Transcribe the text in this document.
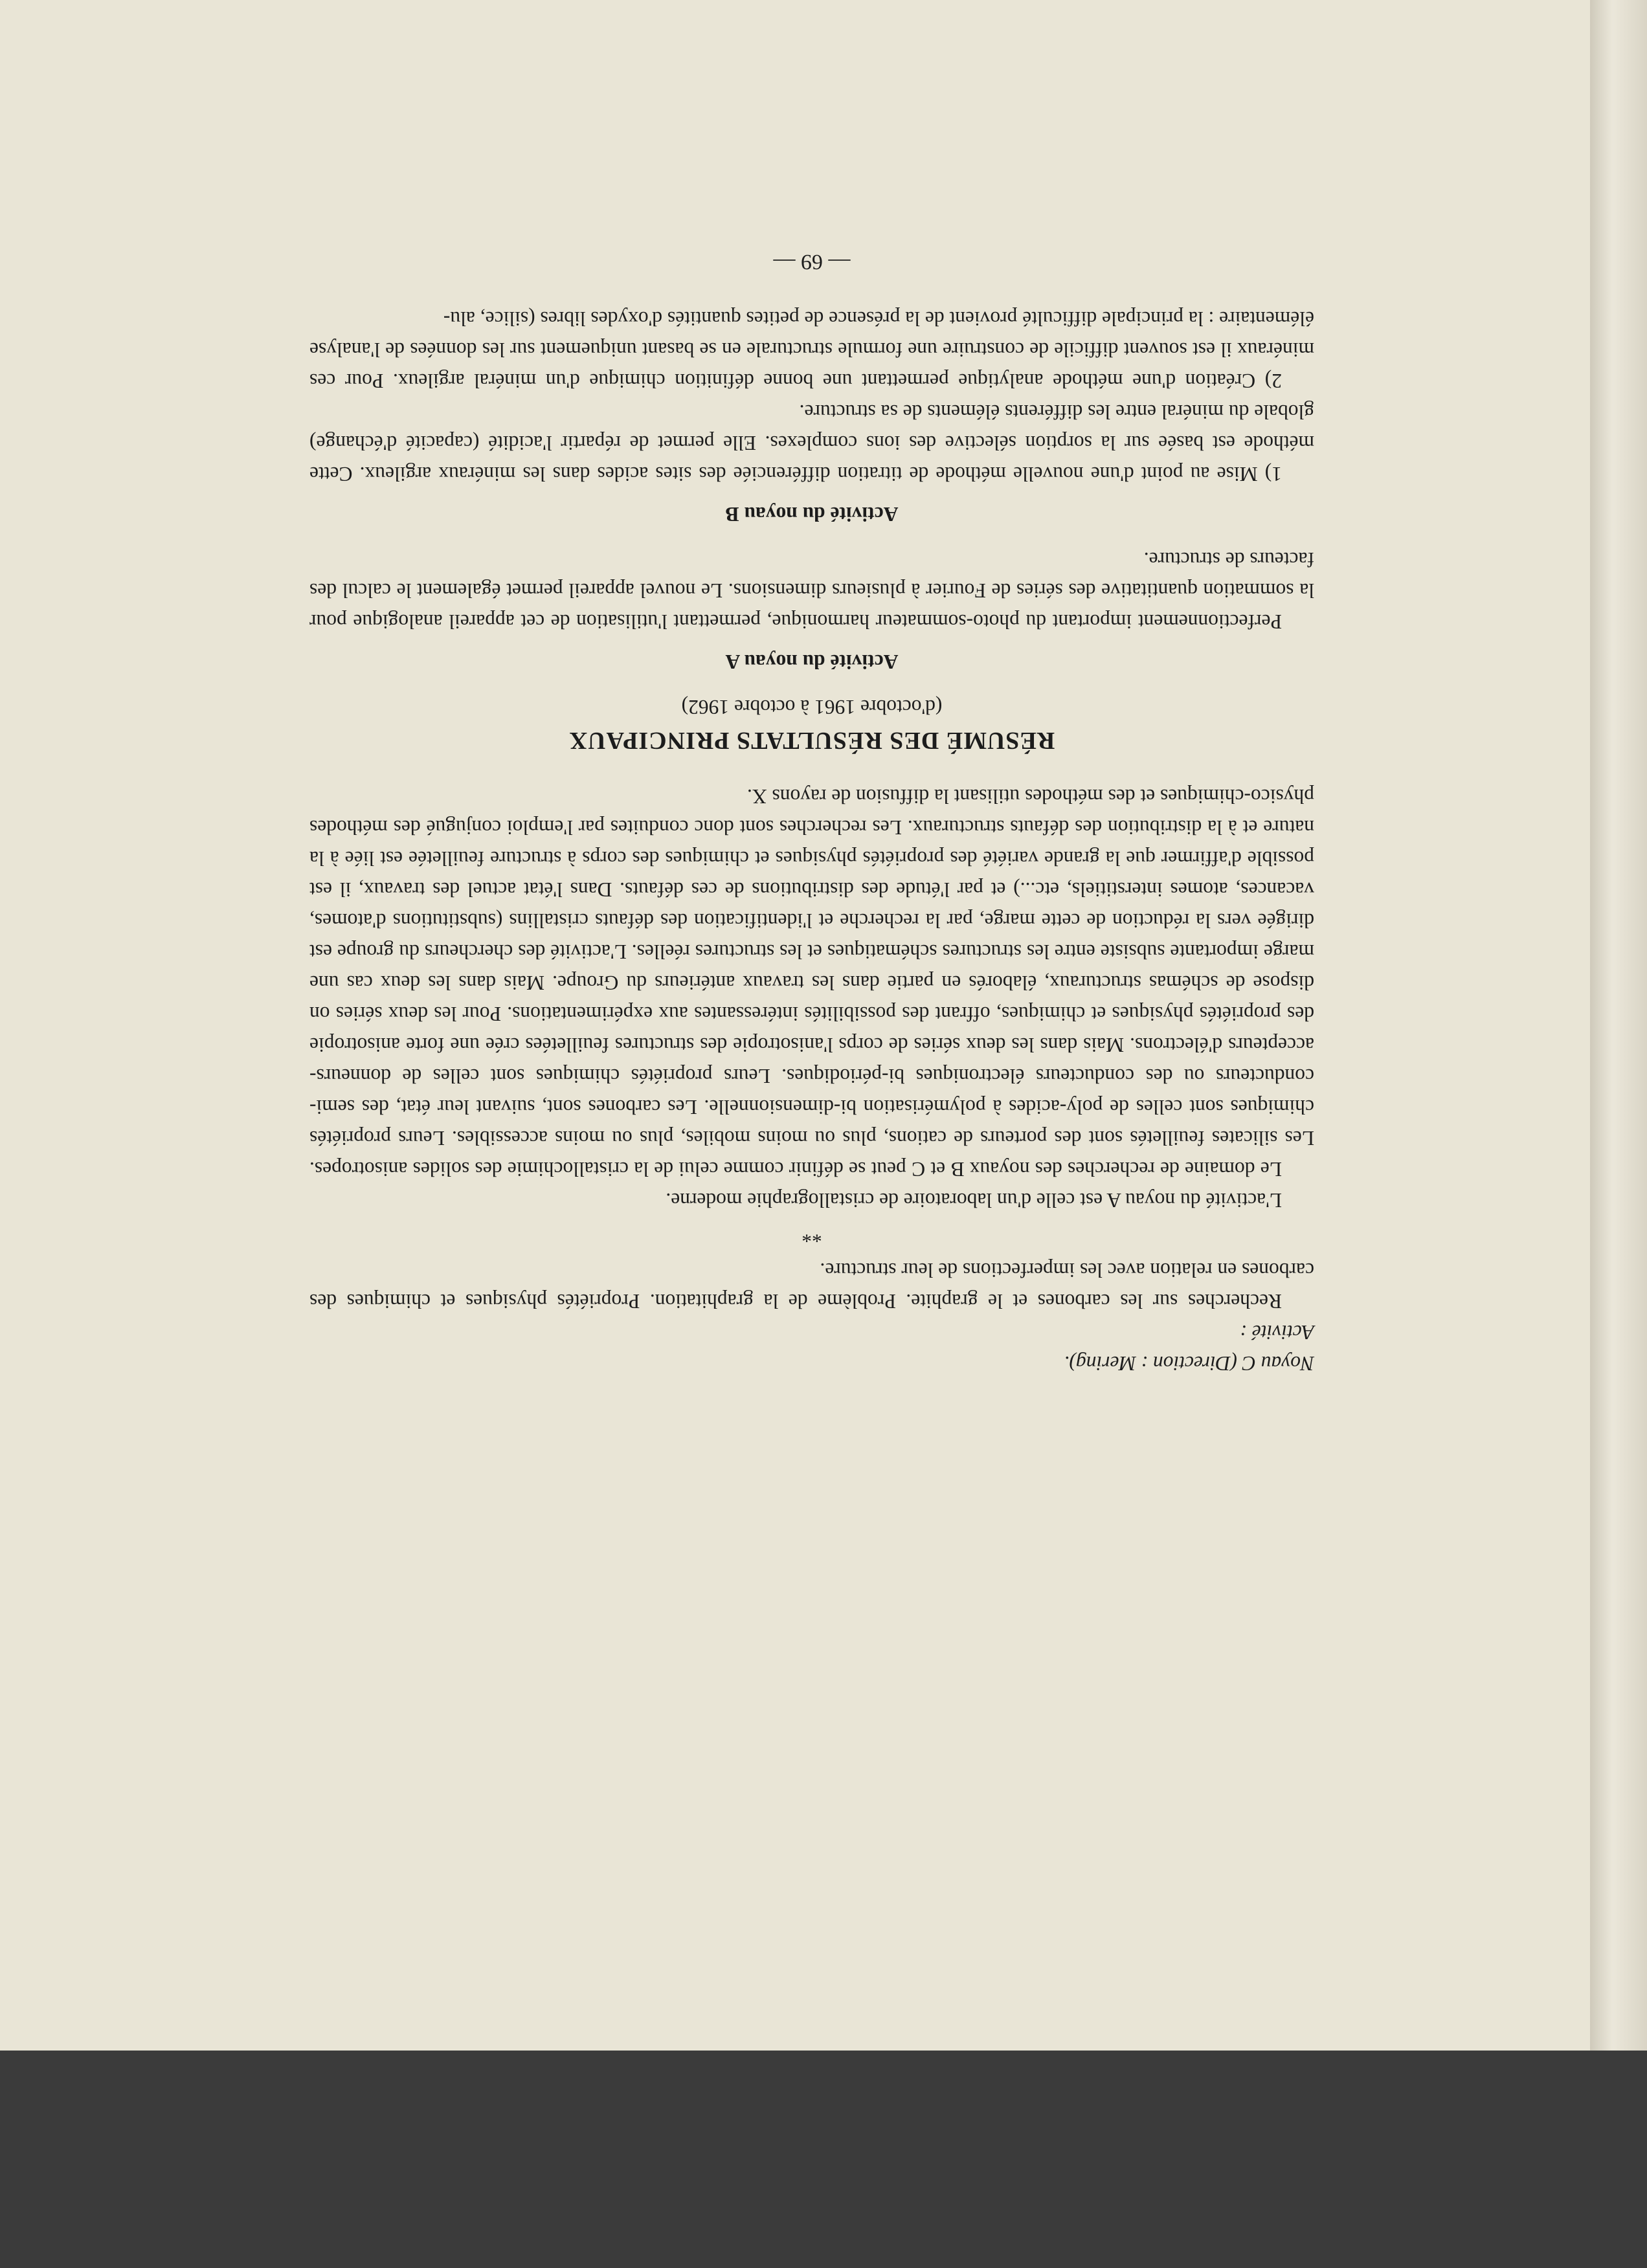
Noyau C (Direction : Mering).

Activité :

Recherches sur les carbones et le graphite. Problème de la graphitation. Propriétés physiques et chimiques des carbones en relation avec les imperfections de leur structure.

**

L'activité du noyau A est celle d'un laboratoire de cristallographie moderne.

Le domaine de recherches des noyaux B et C peut se définir comme celui de la cristallochimie des solides anisotropes. Les silicates feuilletés sont des porteurs de cations, plus ou moins mobiles, plus ou moins accessibles. Leurs propriétés chimiques sont celles de poly-acides à polymérisation bi-dimensionnelle. Les carbones sont, suivant leur état, des semi-conducteurs ou des conducteurs électroniques bi-périodiques. Leurs propriétés chimiques sont celles de donneurs-accepteurs d'électrons. Mais dans les deux séries de corps l'anisotropie des structures feuilletées crée une forte anisotropie des propriétés physiques et chimiques, offrant des possibilités intéressantes aux expérimentations. Pour les deux séries on dispose de schémas structuraux, élaborés en partie dans les travaux antérieurs du Groupe. Mais dans les deux cas une marge importante subsiste entre les structures schématiques et les structures réelles. L'activité des chercheurs du groupe est dirigée vers la réduction de cette marge, par la recherche et l'identification des défauts cristallins (substitutions d'atomes, vacances, atomes interstitiels, etc...) et par l'étude des distributions de ces défauts. Dans l'état actuel des travaux, il est possible d'affirmer que la grande variété des propriétés physiques et chimiques des corps à structure feuilletée est liée à la nature et à la distribution des défauts structuraux. Les recherches sont donc conduites par l'emploi conjugué des méthodes physico-chimiques et des méthodes utilisant la diffusion de rayons X.

RÉSUMÉ DES RÉSULTATS PRINCIPAUX
(d'octobre 1961 à octobre 1962)
Activité du noyau A

Perfectionnement important du photo-sommateur harmonique, permettant l'utilisation de cet appareil analogique pour la sommation quantitative des séries de Fourier à plusieurs dimensions. Le nouvel appareil permet également le calcul des facteurs de structure.

Activité du noyau B

1) Mise au point d'une nouvelle méthode de titration différenciée des sites acides dans les minéraux argileux. Cette méthode est basée sur la sorption sélective des ions complexes. Elle permet de répartir l'acidité (capacité d'échange) globale du minéral entre les différents éléments de sa structure.

2) Création d'une méthode analytique permettant une bonne définition chimique d'un minéral argileux. Pour ces minéraux il est souvent difficile de construire une formule structurale en se basant uniquement sur les données de l'analyse élémentaire : la principale difficulté provient de la présence de petites quantités d'oxydes libres (silice, alu-

— 69 —
